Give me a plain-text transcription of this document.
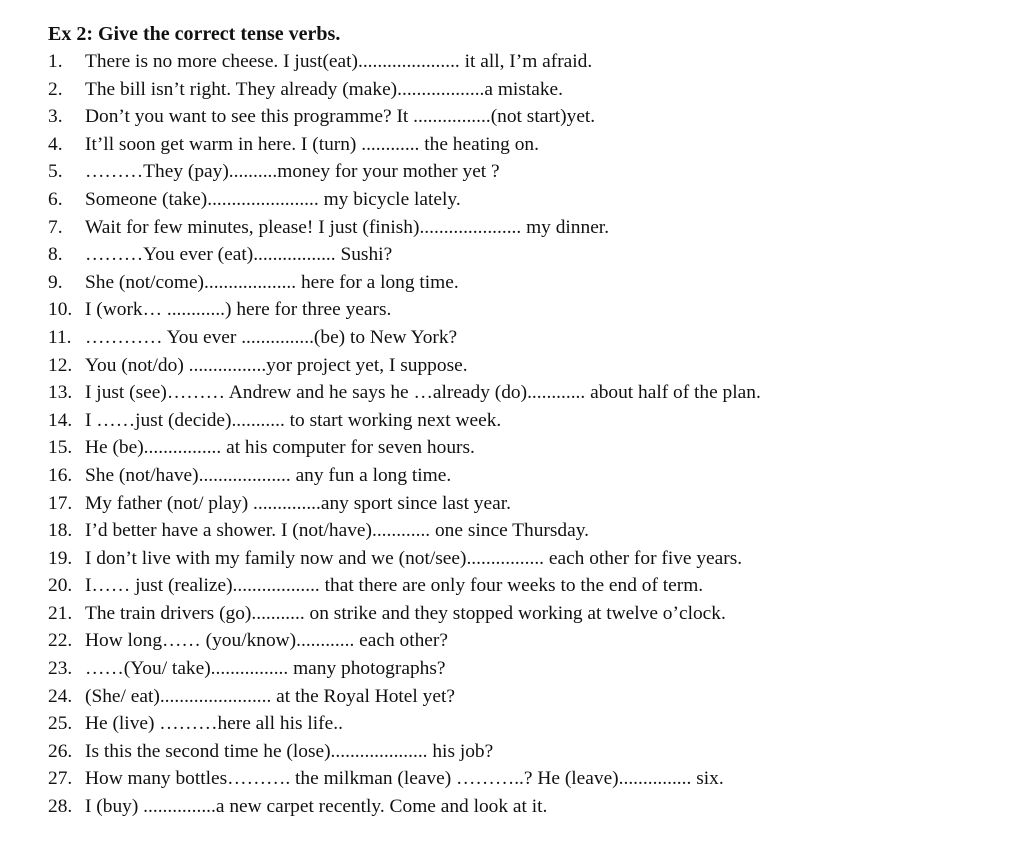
Ex 2: Give the correct tense verbs.
1.	There is no more cheese. I just(eat)..................... it all, I’m afraid.
2.	The bill isn’t right. They already (make)..................a mistake.
3.	Don’t you want to see this programme? It ................(not start)yet.
4.	It’ll soon get warm in here. I (turn) ............ the heating on.
5.	………They (pay)..........money for your mother yet ?
6.	Someone (take)....................... my bicycle lately.
7.	Wait for few minutes, please! I just (finish)..................... my dinner.
8.	………You ever (eat)................. Sushi?
9.	She (not/come)................... here for a long time.
10. I (work… ............) here for three years.
11. ………… You ever ...............(be) to New York?
12. You (not/do) ................yor project yet, I suppose.
13. I just (see)……… Andrew and he says he …already (do)............ about half of the plan.
14. I ……just (decide)........... to start working next week.
15. He (be)................ at his computer for seven hours.
16. She (not/have)................... any fun a long time.
17. My father (not/ play) ..............any sport since last year.
18. I’d better have a shower. I (not/have)............ one since Thursday.
19. I don’t live with my family now and we (not/see)................ each other for five years.
20. I…… just (realize).................. that there are only four weeks to the end of term.
21. The train drivers (go)........... on strike and they stopped working at twelve o’clock.
22. How long…… (you/know)............ each other?
23. ……(You/ take)................ many photographs?
24. (She/ eat)....................... at the Royal Hotel yet?
25. He (live) ………here all his life..
26. Is this the second time he (lose).................... his job?
27. How many bottles………. the milkman (leave) ………..? He (leave)............... six.
28. I (buy) ...............a new carpet recently. Come and look at it.
